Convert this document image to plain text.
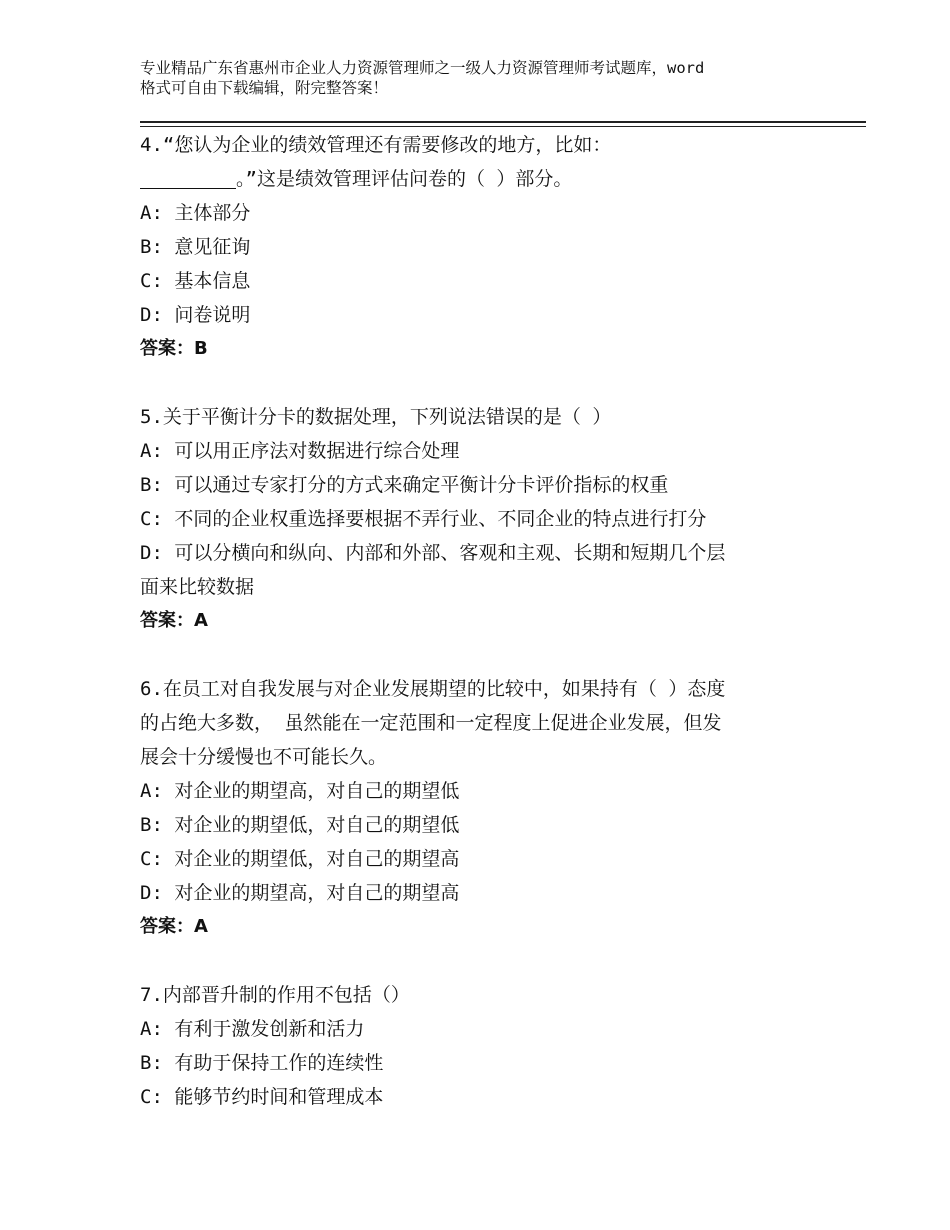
专业精品广东省惠州市企业人力资源管理师之一级人力资源管理师考试题库，word
格式可自由下载编辑，附完整答案！
4.“您认为企业的绩效管理还有需要修改的地方，比如：
。”这是绩效管理评估问卷的（ ）部分。
A: 主体部分
B: 意见征询
C: 基本信息
D: 问卷说明
答案：B
5.关于平衡计分卡的数据处理，下列说法错误的是（ ）
A: 可以用正序法对数据进行综合处理
B: 可以通过专家打分的方式来确定平衡计分卡评价指标的权重
C: 不同的企业权重选择要根据不弄行业、不同企业的特点进行打分
D: 可以分横向和纵向、内部和外部、客观和主观、长期和短期几个层
面来比较数据
答案：A
6.在员工对自我发展与对企业发展期望的比较中，如果持有（ ）态度
的占绝大多数， 虽然能在一定范围和一定程度上促进企业发展，但发
展会十分缓慢也不可能长久。
A: 对企业的期望高，对自己的期望低
B: 对企业的期望低，对自己的期望低
C: 对企业的期望低，对自己的期望高
D: 对企业的期望高，对自己的期望高
答案：A
7.内部晋升制的作用不包括（）
A: 有利于激发创新和活力
B: 有助于保持工作的连续性
C: 能够节约时间和管理成本
